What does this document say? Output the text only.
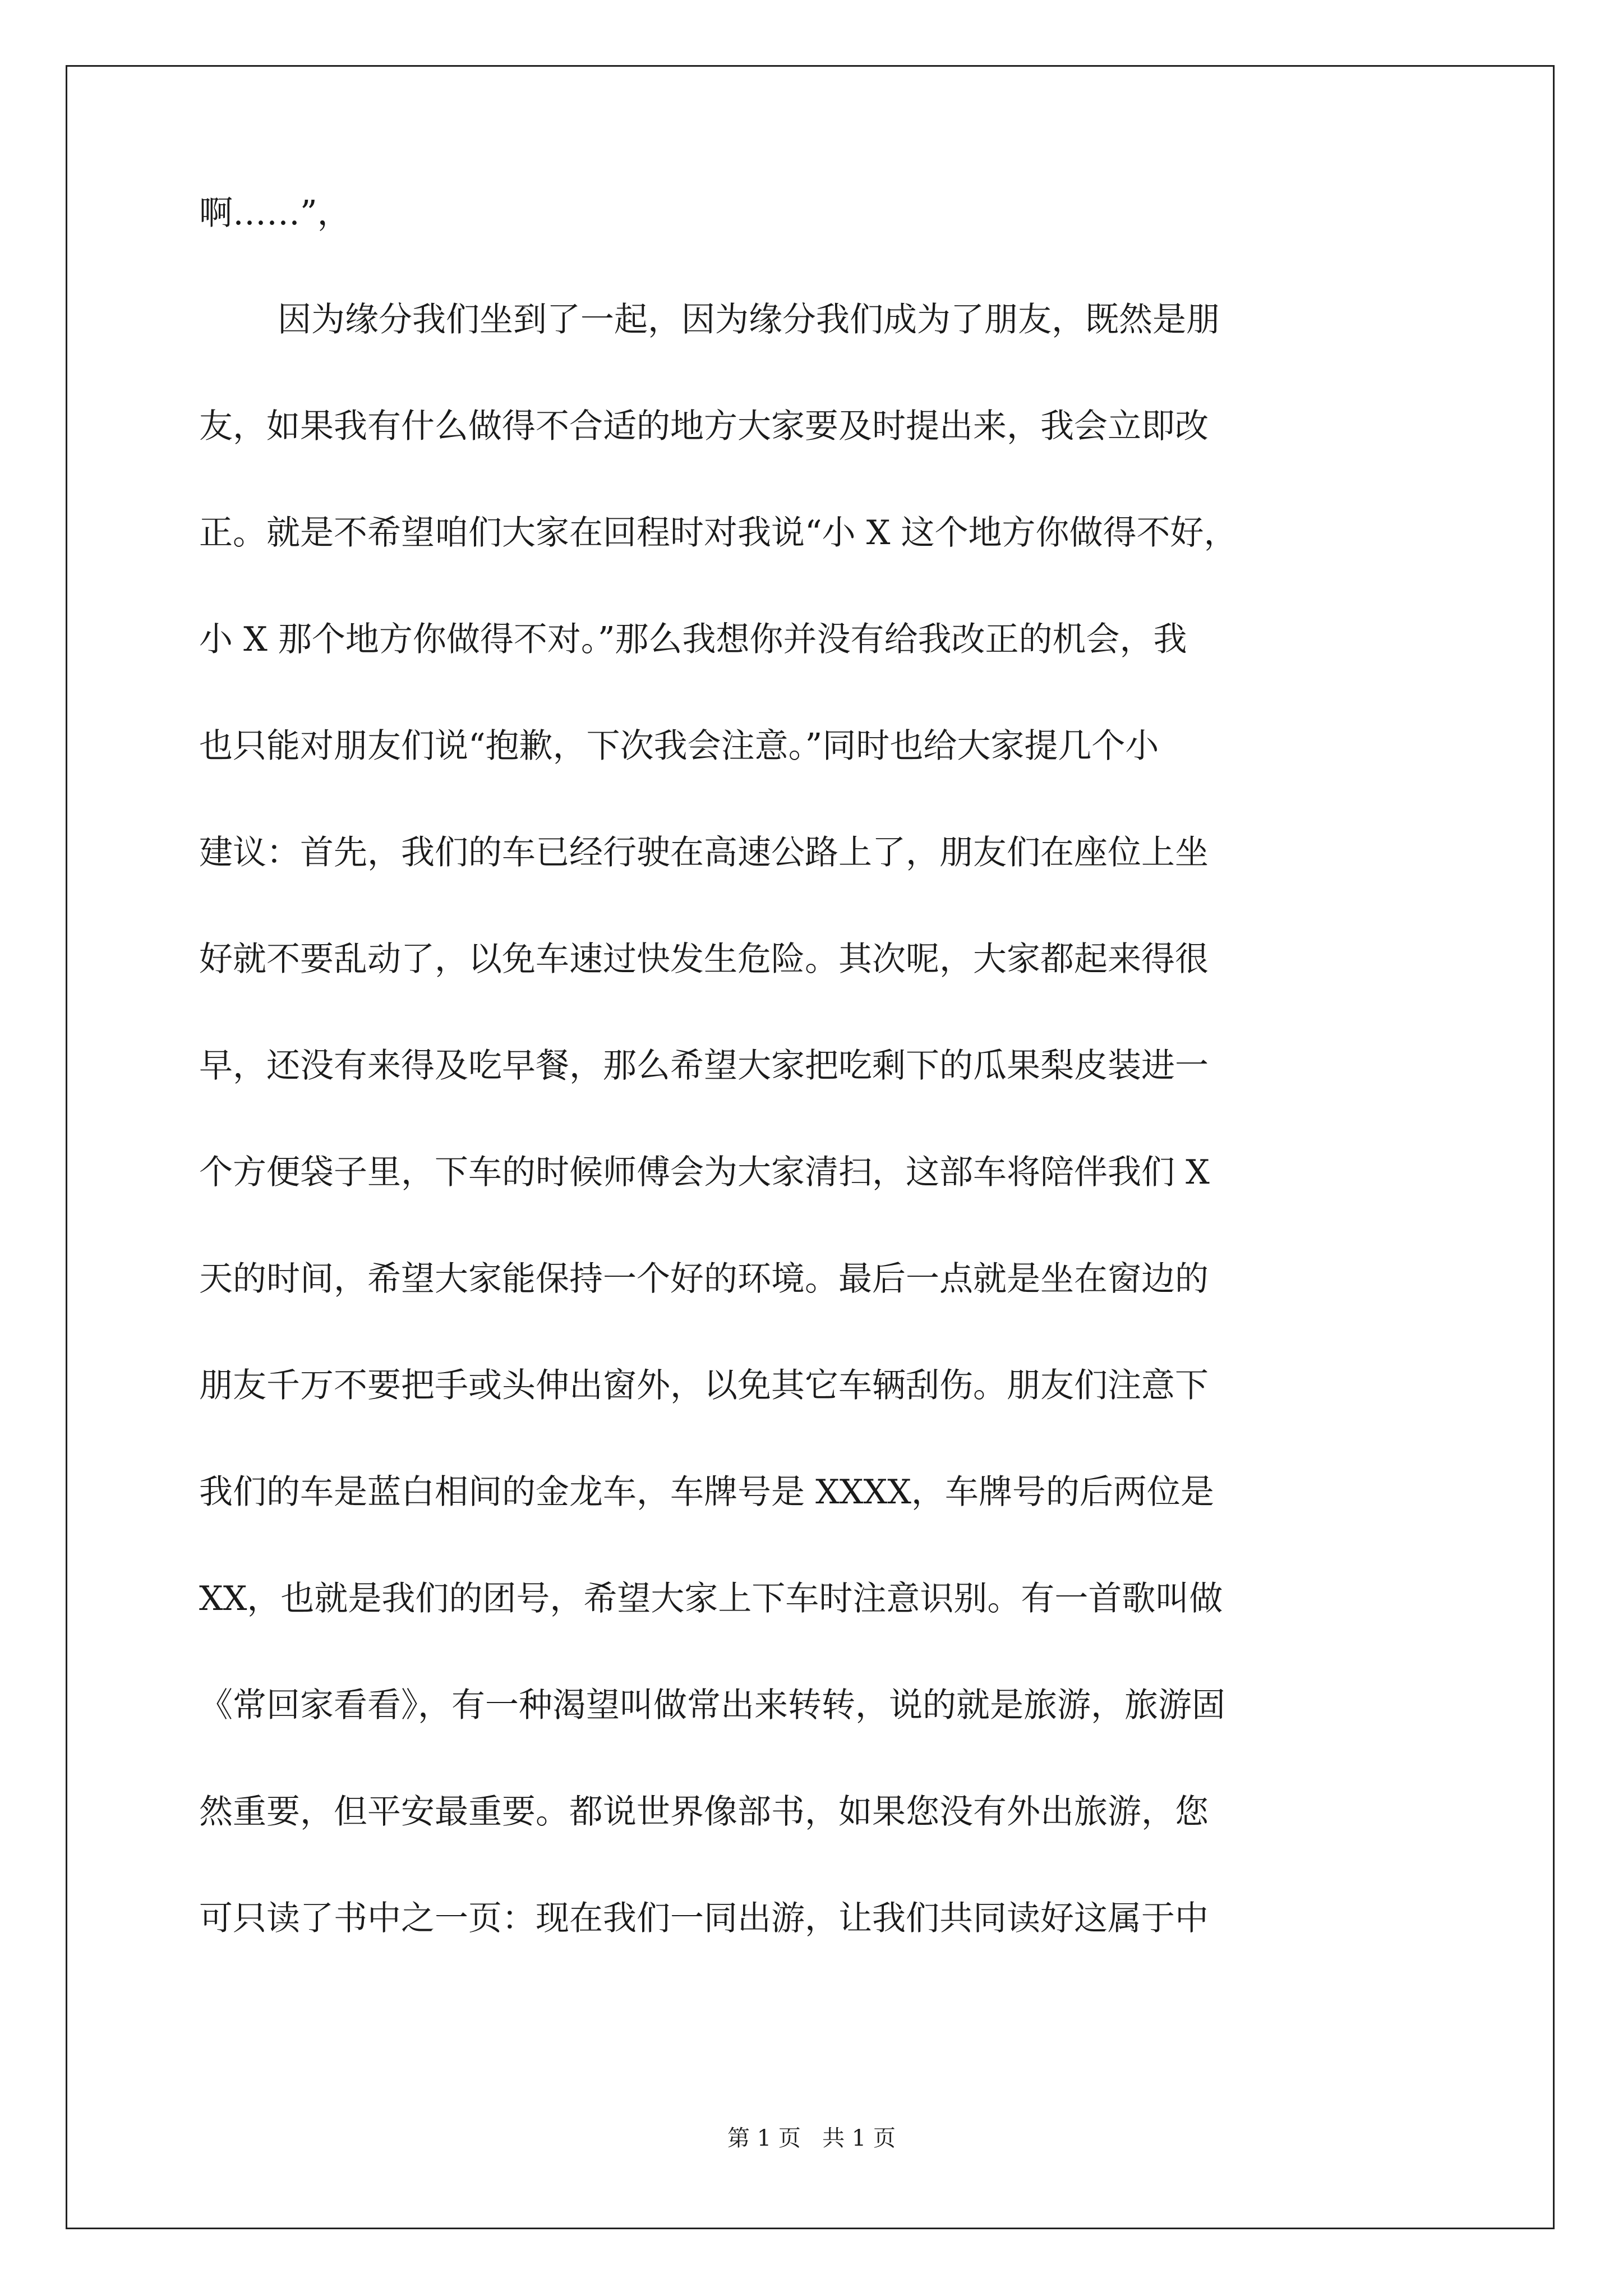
啊……”，
因为缘分我们坐到了一起，因为缘分我们成为了朋友，既然是朋
友，如果我有什么做得不合适的地方大家要及时提出来，我会立即改
正。就是不希望咱们大家在回程时对我说“小 X 这个地方你做得不好，
小 X 那个地方你做得不对。”那么我想你并没有给我改正的机会，我
也只能对朋友们说“抱歉，下次我会注意。”同时也给大家提几个小
建议：首先，我们的车已经行驶在高速公路上了，朋友们在座位上坐
好就不要乱动了，以免车速过快发生危险。其次呢，大家都起来得很
早，还没有来得及吃早餐，那么希望大家把吃剩下的瓜果梨皮装进一
个方便袋子里，下车的时候师傅会为大家清扫，这部车将陪伴我们 X
天的时间，希望大家能保持一个好的环境。最后一点就是坐在窗边的
朋友千万不要把手或头伸出窗外，以免其它车辆刮伤。朋友们注意下
我们的车是蓝白相间的金龙车，车牌号是 XXXX，车牌号的后两位是
XX，也就是我们的团号，希望大家上下车时注意识别。有一首歌叫做
《常回家看看》，有一种渴望叫做常出来转转，说的就是旅游，旅游固
然重要，但平安最重要。都说世界像部书，如果您没有外出旅游，您
可只读了书中之一页：现在我们一同出游，让我们共同读好这属于中
第 1 页   共 1 页
